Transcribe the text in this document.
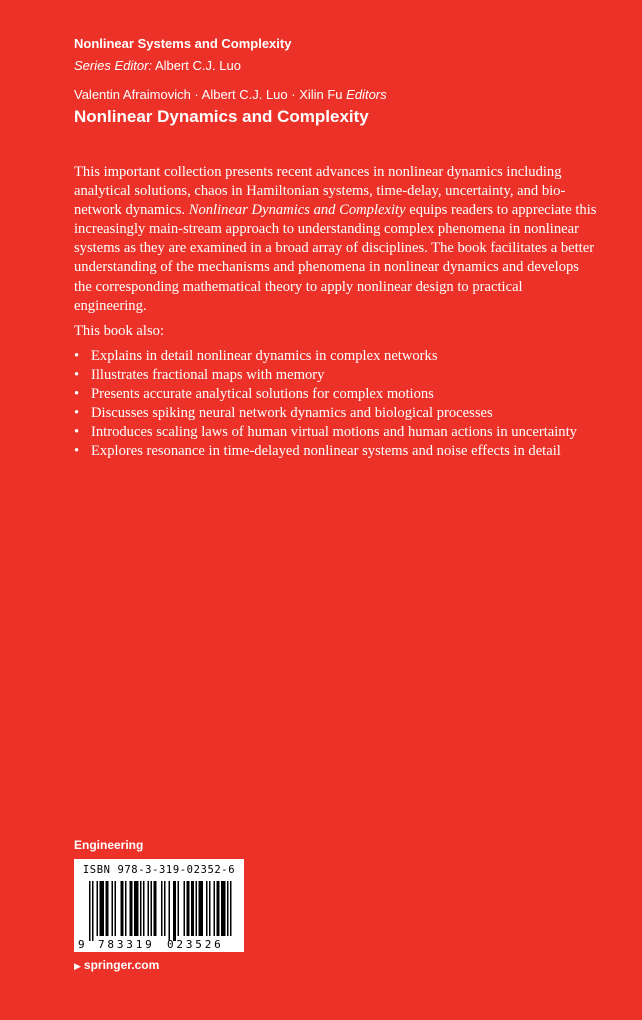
Nonlinear Systems and Complexity
Series Editor: Albert C.J. Luo
Valentin Afraimovich · Albert C.J. Luo · Xilin Fu Editors
Nonlinear Dynamics and Complexity

This important collection presents recent advances in nonlinear dynamics including analytical solutions, chaos in Hamiltonian systems, time-delay, uncertainty, and bio-network dynamics. Nonlinear Dynamics and Complexity equips readers to appreciate this increasingly main-stream approach to understanding complex phenomena in nonlinear systems as they are examined in a broad array of disciplines. The book facilitates a better understanding of the mechanisms and phenomena in nonlinear dynamics and develops the corresponding mathematical theory to apply nonlinear design to practical engineering.

This book also:
• Explains in detail nonlinear dynamics in complex networks
• Illustrates fractional maps with memory
• Presents accurate analytical solutions for complex motions
• Discusses spiking neural network dynamics and biological processes
• Introduces scaling laws of human virtual motions and human actions in uncertainty
• Explores resonance in time-delayed nonlinear systems and noise effects in detail
Engineering
ISBN 978-3-319-02352-6
9 783319 023526
▶ springer.com
